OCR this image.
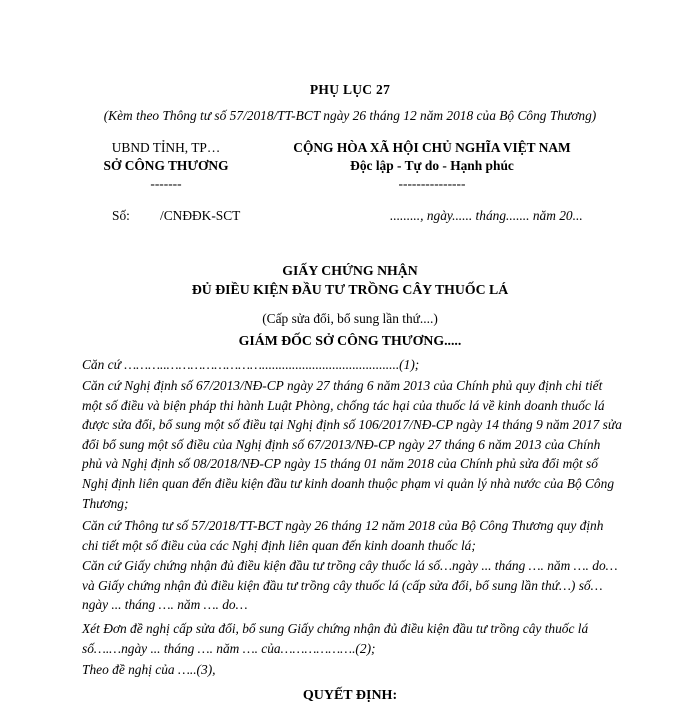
PHỤ LỤC 27
(Kèm theo Thông tư số 57/2018/TT-BCT ngày 26 tháng 12 năm 2018 của Bộ Công Thương)
UBND TỈNH, TP…
SỞ CÔNG THƯƠNG
-------
CỘNG HÒA XÃ HỘI CHỦ NGHĨA VIỆT NAM
Độc lập - Tự do - Hạnh phúc
---------------
Số: /CNĐĐK-SCT	........., ngày...... tháng....... năm 20...
GIẤY CHỨNG NHẬN
ĐỦ ĐIỀU KIỆN ĐẦU TƯ TRỒNG CÂY THUỐC LÁ
(Cấp sửa đổi, bổ sung lần thứ....)
GIÁM ĐỐC SỞ CÔNG THƯƠNG.....
Căn cứ ………..…………………….........................................(1);
Căn cứ Nghị định số 67/2013/NĐ-CP ngày 27 tháng 6 năm 2013 của Chính phủ quy định chi tiết một số điều và biện pháp thi hành Luật Phòng, chống tác hại của thuốc lá về kinh doanh thuốc lá được sửa đổi, bổ sung một số điều tại Nghị định số 106/2017/NĐ-CP ngày 14 tháng 9 năm 2017 sửa đổi bổ sung một số điều của Nghị định số 67/2013/NĐ-CP ngày 27 tháng 6 năm 2013 của Chính phủ và Nghị định số 08/2018/NĐ-CP ngày 15 tháng 01 năm 2018 của Chính phủ sửa đổi một số Nghị định liên quan đến điều kiện đầu tư kinh doanh thuộc phạm vi quản lý nhà nước của Bộ Công Thương;
Căn cứ Thông tư số 57/2018/TT-BCT ngày 26 tháng 12 năm 2018 của Bộ Công Thương quy định chi tiết một số điều của các Nghị định liên quan đến kinh doanh thuốc lá;
Căn cứ Giấy chứng nhận đủ điều kiện đầu tư trồng cây thuốc lá số…ngày ... tháng …. năm …. do… và Giấy chứng nhận đủ điều kiện đầu tư trồng cây thuốc lá (cấp sửa đổi, bổ sung lần thứ…) số…ngày ... tháng …. năm …. do…
Xét Đơn đề nghị cấp sửa đổi, bổ sung Giấy chứng nhận đủ điều kiện đầu tư trồng cây thuốc lá số….…ngày ... tháng …. năm …. của……………….(2);
Theo đề nghị của …..(3),
QUYẾT ĐỊNH:
